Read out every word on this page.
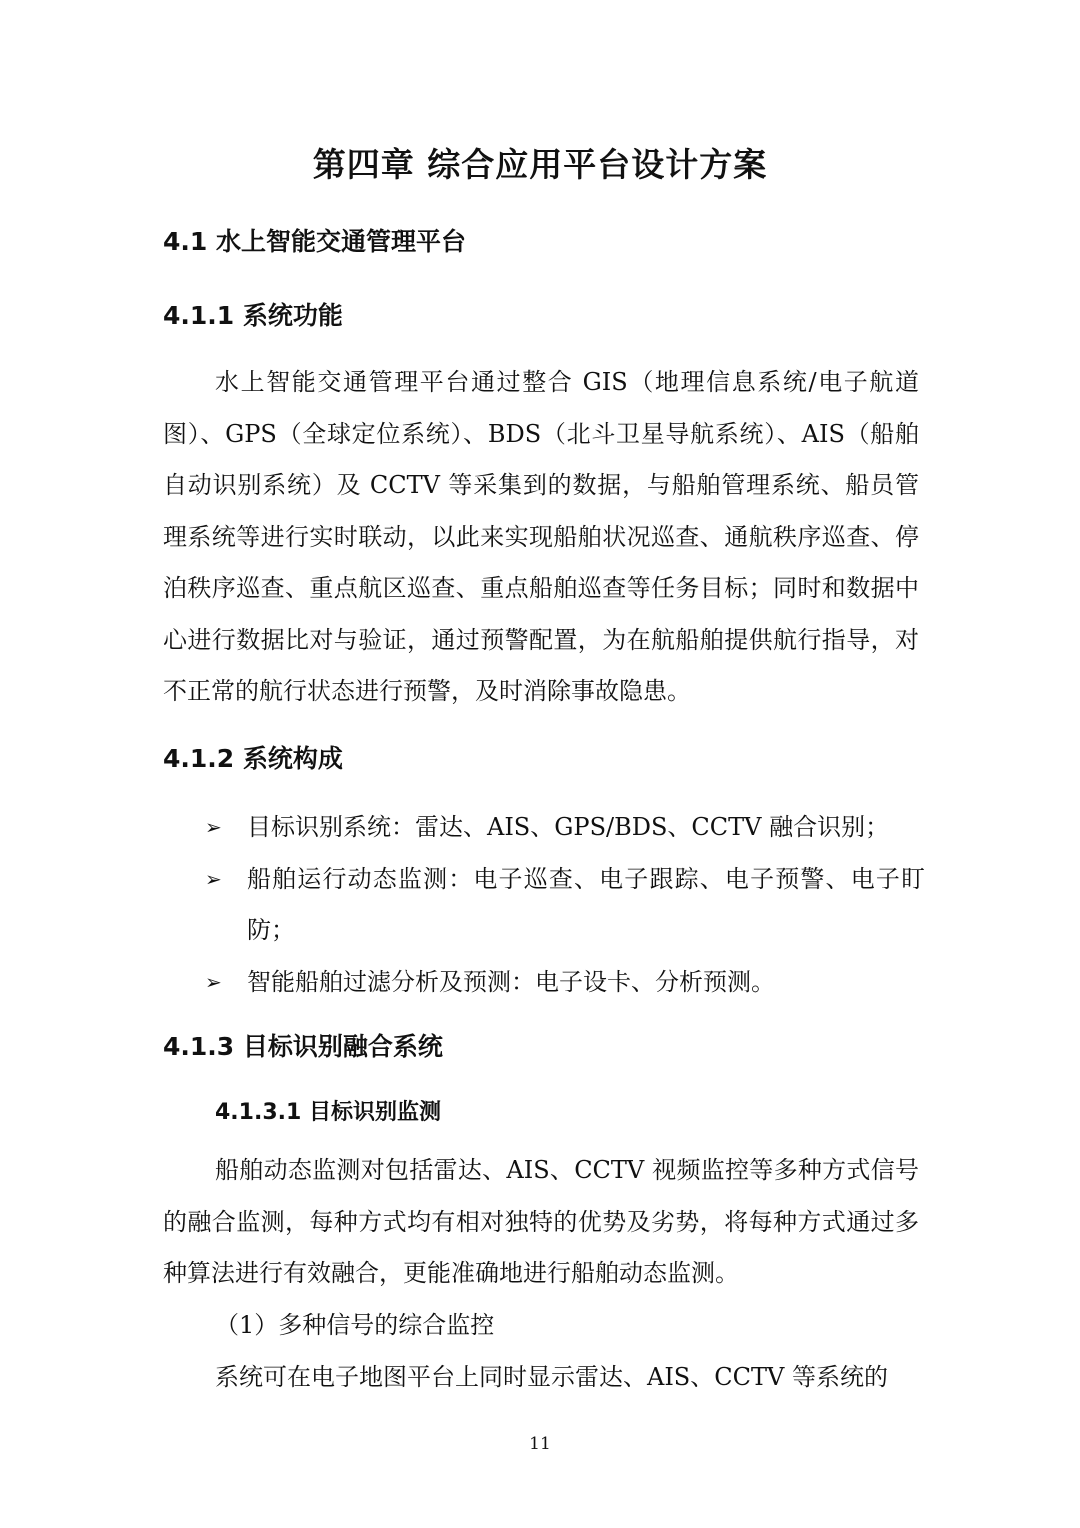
第四章 综合应用平台设计方案
4.1 水上智能交通管理平台
4.1.1 系统功能

水上智能交通管理平台通过整合 GIS（地理信息系统/电子航道图）、GPS（全球定位系统）、BDS（北斗卫星导航系统）、AIS（船舶自动识别系统）及 CCTV 等采集到的数据，与船舶管理系统、船员管理系统等进行实时联动，以此来实现船舶状况巡查、通航秩序巡查、停泊秩序巡查、重点航区巡查、重点船舶巡查等任务目标；同时和数据中心进行数据比对与验证，通过预警配置，为在航船舶提供航行指导，对不正常的航行状态进行预警，及时消除事故隐患。

4.1.2 系统构成
➢ 目标识别系统：雷达、AIS、GPS/BDS、CCTV 融合识别；
➢ 船舶运行动态监测：电子巡查、电子跟踪、电子预警、电子盯防；
➢ 智能船舶过滤分析及预测：电子设卡、分析预测。
4.1.3 目标识别融合系统
4.1.3.1 目标识别监测

船舶动态监测对包括雷达、AIS、CCTV 视频监控等多种方式信号的融合监测，每种方式均有相对独特的优势及劣势，将每种方式通过多种算法进行有效融合，更能准确地进行船舶动态监测。

（1）多种信号的综合监控

系统可在电子地图平台上同时显示雷达、AIS、CCTV 等系统的

11
